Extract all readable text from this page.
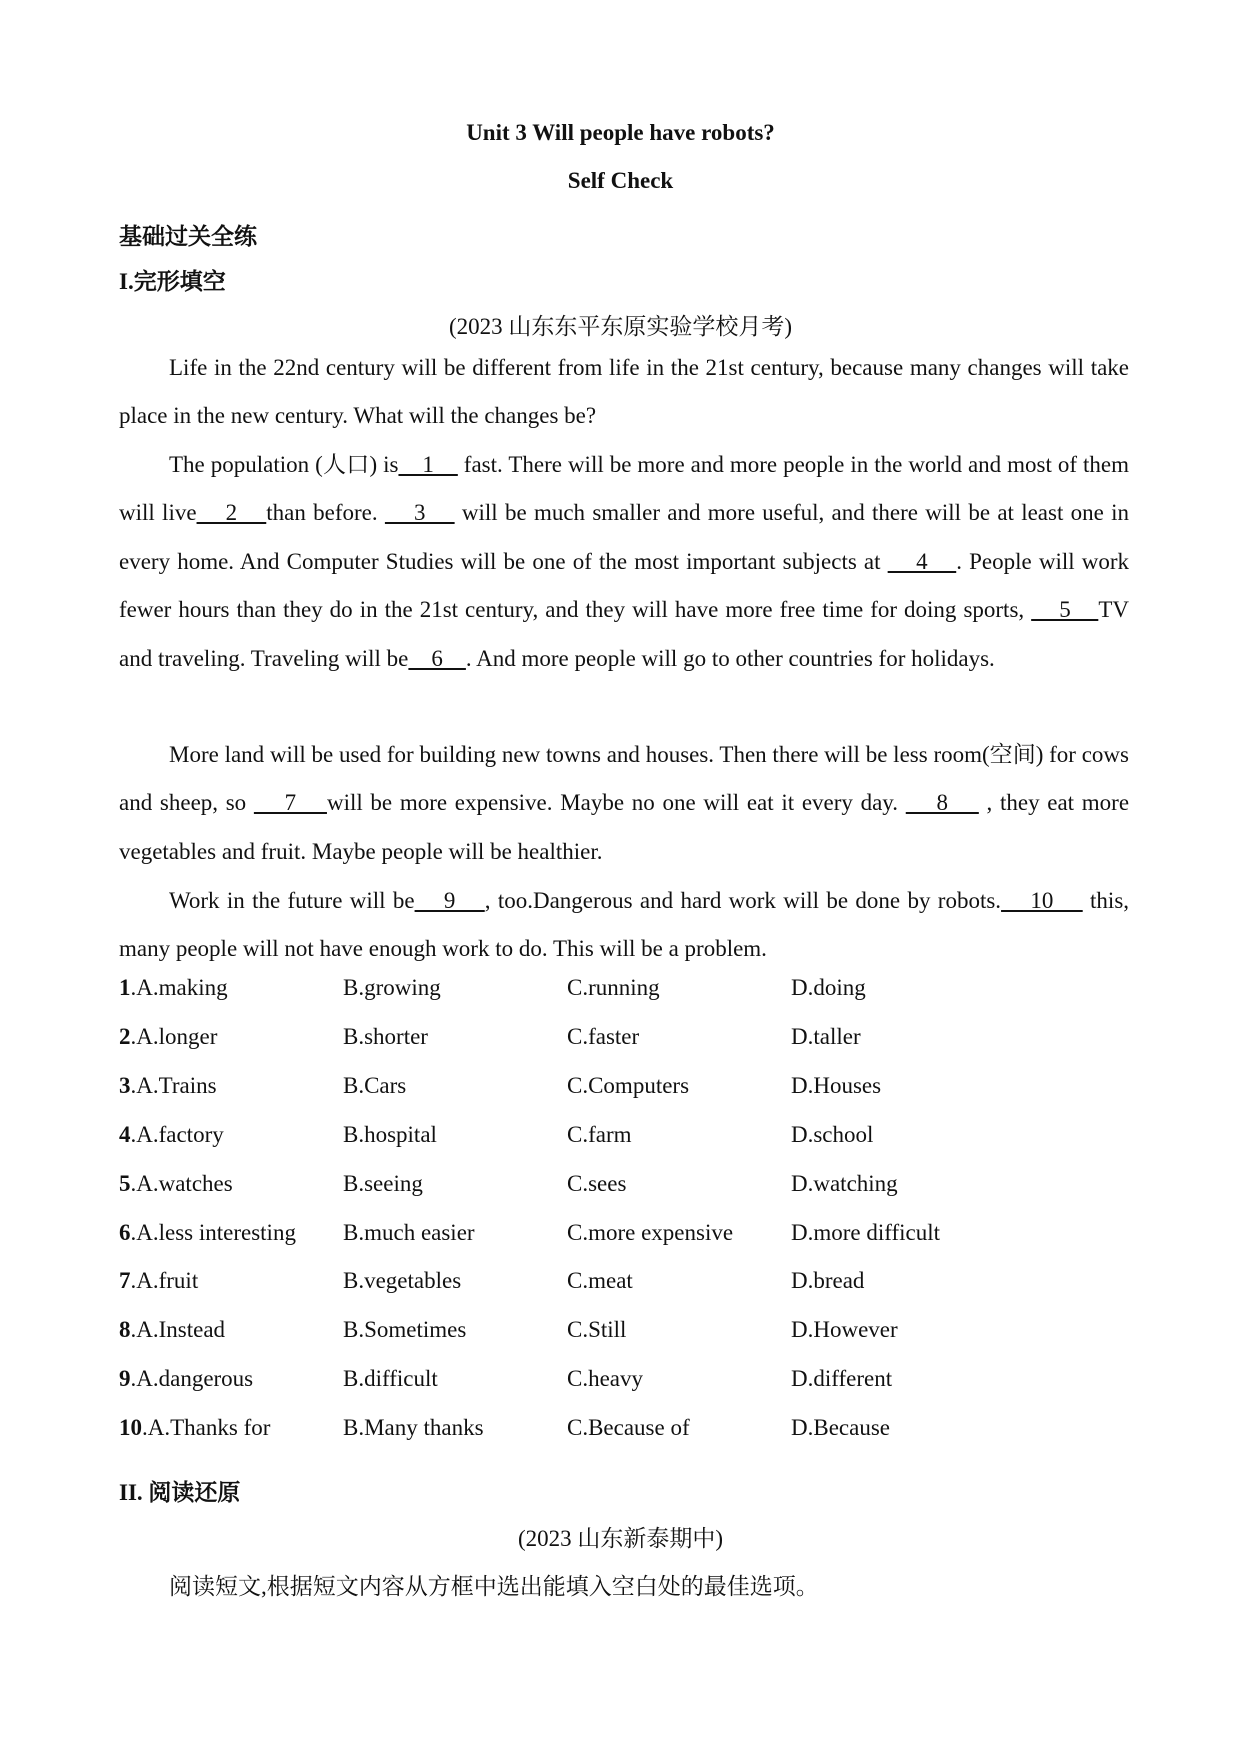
Unit 3 Will people have robots?
Self Check
基础过关全练
I.完形填空
(2023 山东东平东原实验学校月考)
Life in the 22nd century will be different from life in the 21st century, because many changes will take place in the new century. What will the changes be?
The population (人口) is    1     fast. There will be more and more people in the world and most of them will live    2    than before.     3     will be much smaller and more useful, and there will be at least one in every home. And Computer Studies will be one of the most important subjects at     4    . People will work fewer hours than they do in the 21st century, and they will have more free time for doing sports,     5    TV and traveling. Traveling will be    6    . And more people will go to other countries for holidays.
More land will be used for building new towns and houses. Then there will be less room(空间) for cows and sheep, so     7    will be more expensive. Maybe no one will eat it every day.     8     , they eat more vegetables and fruit. Maybe people will be healthier.
Work in the future will be    9    , too.Dangerous and hard work will be done by robots.    10     this, many people will not have enough work to do. This will be a problem.
1.A.making	B.growing	C.running	D.doing
2.A.longer	B.shorter	C.faster	D.taller
3.A.Trains	B.Cars	C.Computers	D.Houses
4.A.factory	B.hospital	C.farm	D.school
5.A.watches	B.seeing	C.sees	D.watching
6.A.less interesting B.much easier	C.more expensive	D.more difficult
7.A.fruit	B.vegetables	C.meat	D.bread
8.A.Instead	B.Sometimes	C.Still	D.However
9.A.dangerous	B.difficult	C.heavy	D.different
10.A.Thanks for	B.Many thanks	C.Because of	D.Because
II. 阅读还原
(2023 山东新泰期中)
阅读短文,根据短文内容从方框中选出能填入空白处的最佳选项。
